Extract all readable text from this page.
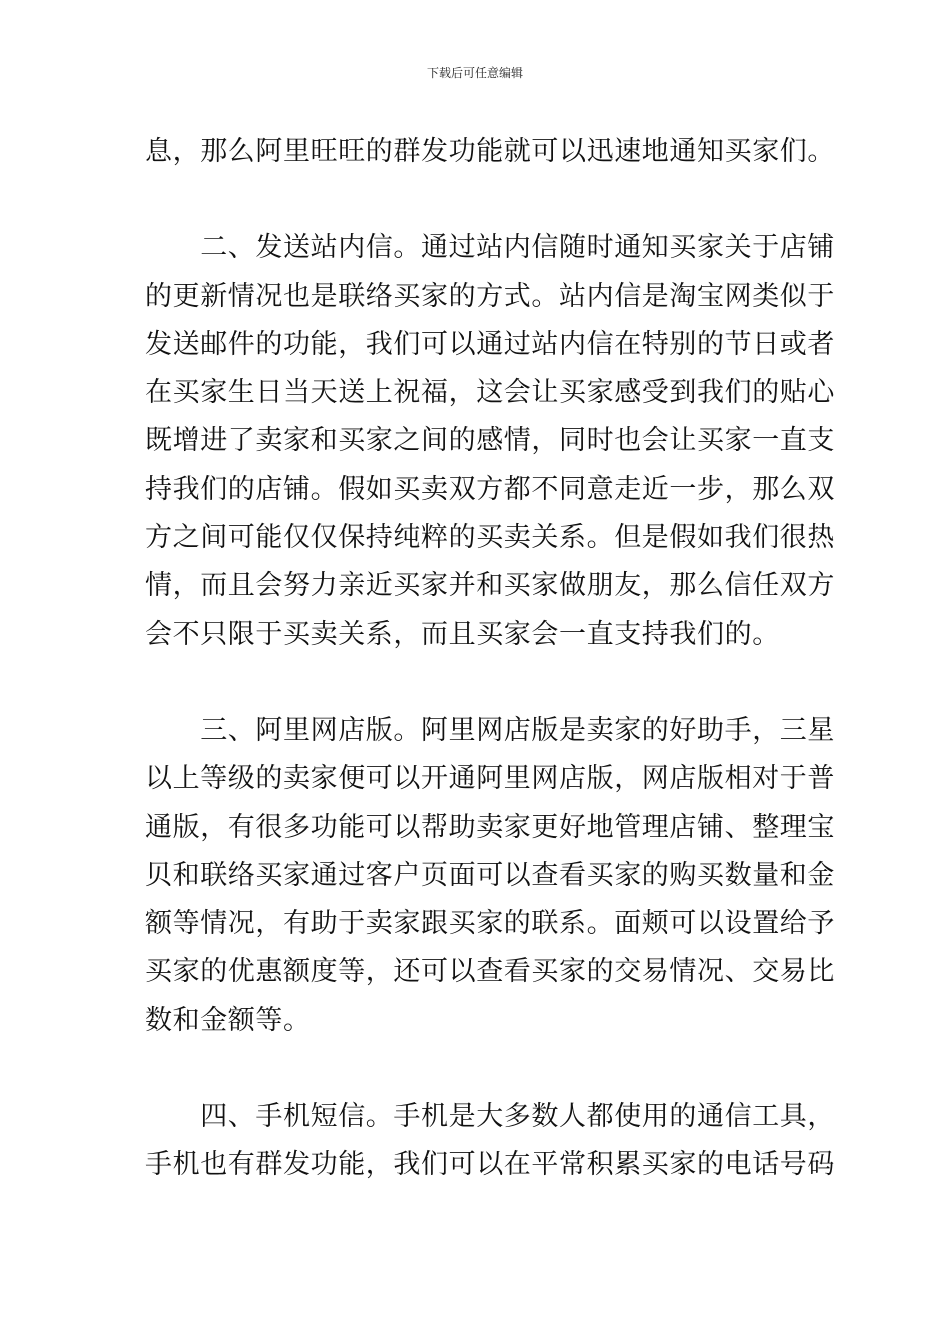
下载后可任意编辑

息，那么阿里旺旺的群发功能就可以迅速地通知买家们。

　　二、发送站内信。通过站内信随时通知买家关于店铺
的更新情况也是联络买家的方式。站内信是淘宝网类似于
发送邮件的功能，我们可以通过站内信在特别的节日或者
在买家生日当天送上祝福，这会让买家感受到我们的贴心
既增进了卖家和买家之间的感情，同时也会让买家一直支
持我们的店铺。假如买卖双方都不同意走近一步，那么双
方之间可能仅仅保持纯粹的买卖关系。但是假如我们很热
情，而且会努力亲近买家并和买家做朋友，那么信任双方
会不只限于买卖关系，而且买家会一直支持我们的。

　　三、阿里网店版。阿里网店版是卖家的好助手，三星
以上等级的卖家便可以开通阿里网店版，网店版相对于普
通版，有很多功能可以帮助卖家更好地管理店铺、整理宝
贝和联络买家通过客户页面可以查看买家的购买数量和金
额等情况，有助于卖家跟买家的联系。面颊可以设置给予
买家的优惠额度等，还可以查看买家的交易情况、交易比
数和金额等。

　　四、手机短信。手机是大多数人都使用的通信工具，
手机也有群发功能，我们可以在平常积累买家的电话号码
